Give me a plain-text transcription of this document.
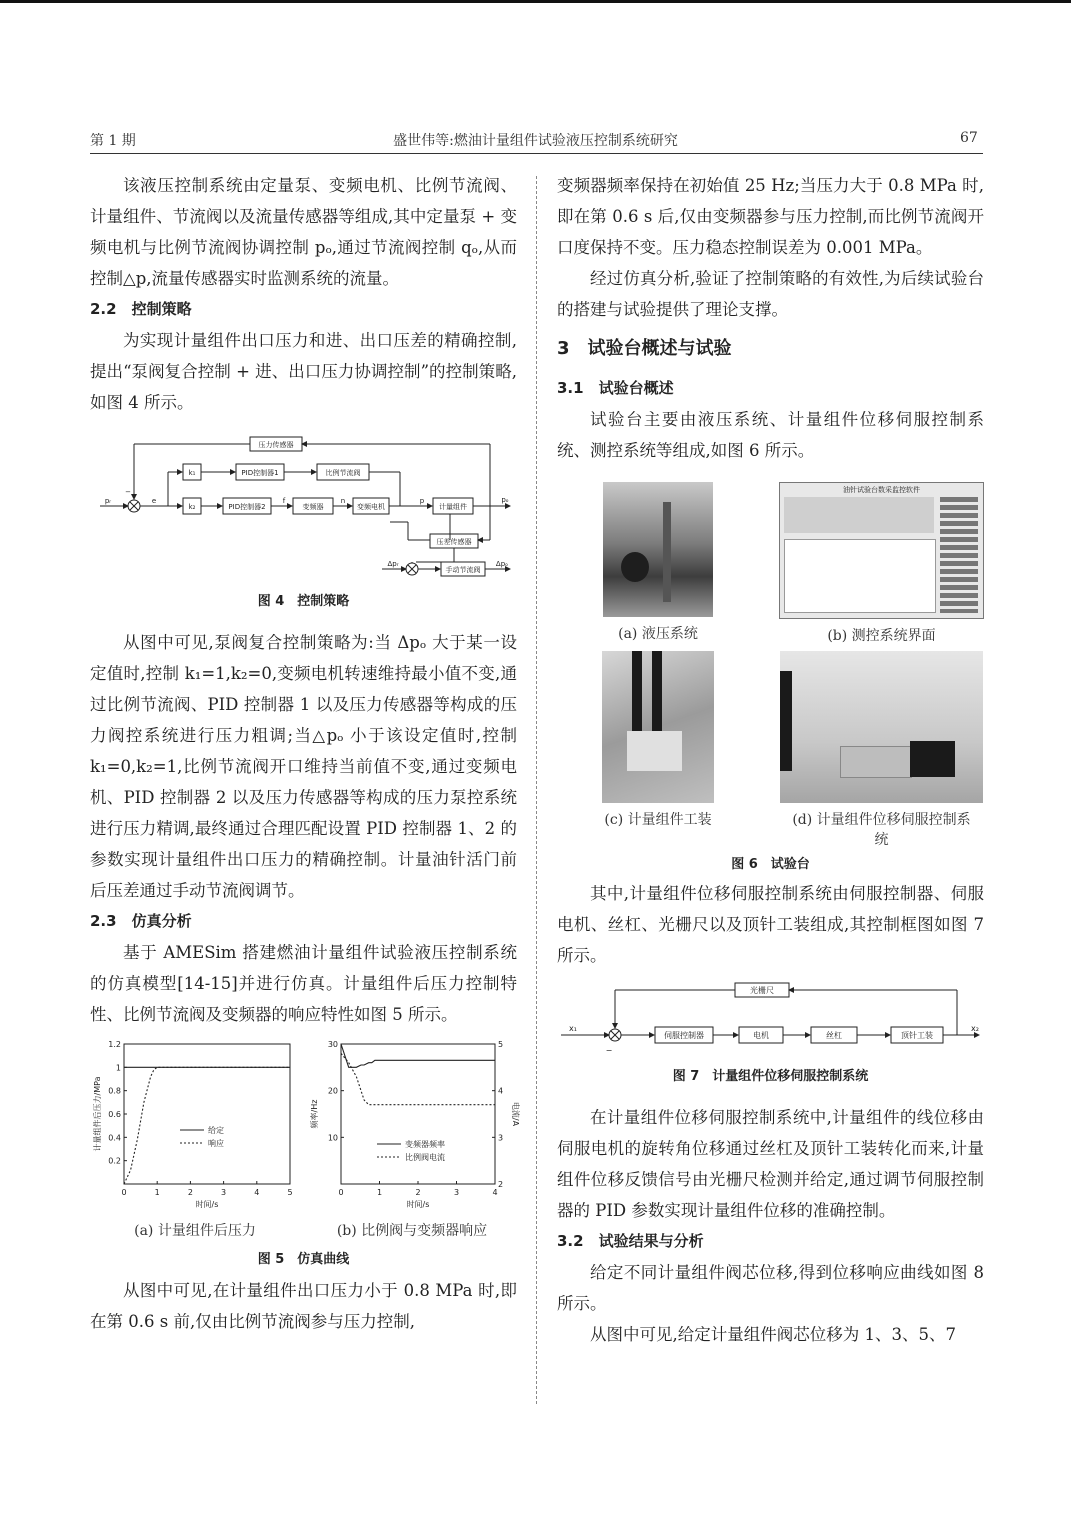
第 1 期	盛世伟等:燃油计量组件试验液压控制系统研究	67

该液压控制系统由定量泵、变频电机、比例节流阀、计量组件、节流阀以及流量传感器等组成,其中定量泵 + 变频电机与比例节流阀协调控制 pₒ,通过节流阀控制 qₒ,从而控制△p,流量传感器实时监测系统的流量。

2.2　控制策略

为实现计量组件出口压力和进、出口压差的精确控制,提出“泵阀复合控制 + 进、出口压力协调控制”的控制策略,如图 4 所示。

压力传感器
k₁
k₂
PID控制器1
PID控制器2
比例节流阀
变频器	变频电机	计量组件
压差传感器
手动节流阀
pᵣ	pₒ
−
e
Δpᵣ	Δpₒ
n
f	p
图 4　控制策略

从图中可见,泵阀复合控制策略为:当 Δpₒ 大于某一设定值时,控制 k₁=1,k₂=0,变频电机转速维持最小值不变,通过比例节流阀、PID 控制器 1 以及压力传感器等构成的压力阀控系统进行压力粗调;当△pₒ 小于该设定值时,控制 k₁=0,k₂=1,比例节流阀开口维持当前值不变,通过变频电机、PID 控制器 2 以及压力传感器等构成的压力泵控系统进行压力精调,最终通过合理匹配设置 PID 控制器 1、2 的参数实现计量组件出口压力的精确控制。计量油针活门前后压差通过手动节流阀调节。

2.3　仿真分析

基于 AMESim 搭建燃油计量组件试验液压控制系统的仿真模型[14-15]并进行仿真。计量组件后压力控制特性、比例节流阀及变频器的响应特性如图 5 所示。

0	1	2	3	4	5
0.2
0.4
0.6
0.8
1
1.2
时间/s
计量组件后压力/MPa	给定
响应
(a) 计量组件后压力
0	1	2	3	4
10
20
30
2
3
4
5
电流/A
时间/s
频率/Hz
变频器频率
比例阀电流
(b) 比例阀与变频器响应
图 5　仿真曲线

从图中可见,在计量组件出口压力小于 0.8 MPa 时,即在第 0.6 s 前,仅由比例节流阀参与压力控制,

变频器频率保持在初始值 25 Hz;当压力大于 0.8 MPa 时,即在第 0.6 s 后,仅由变频器参与压力控制,而比例节流阀开口度保持不变。压力稳态控制误差为 0.001 MPa。

经过仿真分析,验证了控制策略的有效性,为后续试验台的搭建与试验提供了理论支撑。

3　试验台概述与试验
3.1　试验台概述

试验台主要由液压系统、计量组件位移伺服控制系统、测控系统等组成,如图 6 所示。

(a) 液压系统
油针试验台数采监控软件
(b) 测控系统界面
(c) 计量组件工装	(d) 计量组件位移伺服控制系统
图 6　试验台

其中,计量组件位移伺服控制系统由伺服控制器、伺服电机、丝杠、光栅尺以及顶针工装组成,其控制框图如图 7 所示。

光栅尺
伺服控制器	电机	丝杠	顶针工装
x₁	x₂
−
图 7　计量组件位移伺服控制系统

在计量组件位移伺服控制系统中,计量组件的线位移由伺服电机的旋转角位移通过丝杠及顶针工装转化而来,计量组件位移反馈信号由光栅尺检测并给定,通过调节伺服控制器的 PID 参数实现计量组件位移的准确控制。

3.2　试验结果与分析

给定不同计量组件阀芯位移,得到位移响应曲线如图 8 所示。

从图中可见,给定计量组件阀芯位移为 1、3、5、7
